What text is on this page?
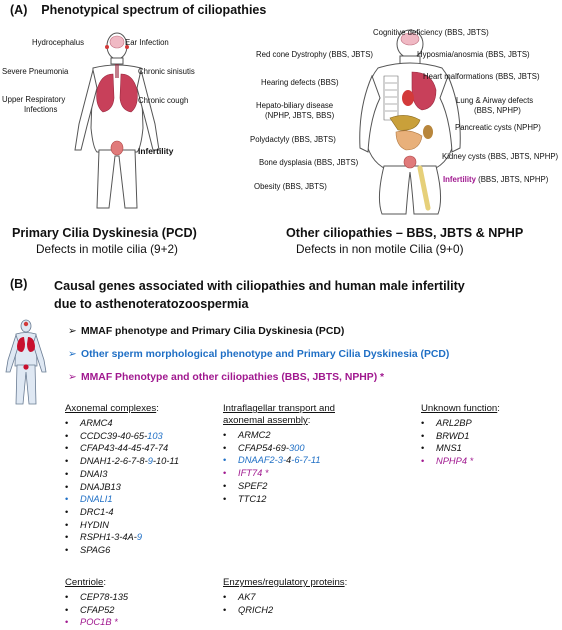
(A) Phenotypical spectrum of ciliopathies
Hydrocephalus	Ear Infection
Severe Pneumonia	Chronic sinisutis
Upper Respiratory
Infections
Chronic cough
Infertility
Primary Cilia Dyskinesia (PCD)
Defects in motile cilia (9+2)
Cognitive deficiency (BBS, JBTS)
Red cone Dystrophy (BBS, JBTS)	Hyposmia/anosmia (BBS, JBTS)
Hearing defects (BBS)
Heart malformations (BBS, JBTS)
Hepato-biliary disease
(NPHP, JBTS, BBS)
Lung & Airway defects
(BBS, NPHP)
Polydactyly (BBS, JBTS)
Pancreatic cysts (NPHP)
Bone dysplasia (BBS, JBTS)
Kidney cysts (BBS, JBTS, NPHP)
Obesity (BBS, JBTS)
Infertility (BBS, JBTS, NPHP)
Other ciliopathies – BBS, JBTS & NPHP
Defects in non motile Cilia (9+0)
(B) Causal genes associated with ciliopathies and human male infertility
due to asthenoteratozoospermia
➢ MMAF phenotype and Primary Cilia Dyskinesia (PCD)
➢ Other sperm morphological phenotype and Primary Cilia Dyskinesia (PCD)
➢ MMAF Phenotype and other ciliopathies (BBS, JBTS, NPHP) *
Axonemal complexes:
• ARMC4
• CCDC39-40-65-103
• CFAP43-44-45-47-74
• DNAH1-2-6-7-8-9-10-11
• DNAI3
• DNAJB13
• DNALI1
• DRC1-4
• HYDIN
• RSPH1-3-4A-9
• SPAG6
Intraflagellar transport and
axonemal assembly:
• ARMC2
• CFAP54-69-300
• DNAAF2-3-4-6-7-11
• IFT74 *
• SPEF2
• TTC12
Unknown function:
• ARL2BP
• BRWD1
• MNS1
• NPHP4 *
Centriole:
• CEP78-135
• CFAP52
• POC1B *
Enzymes/regulatory proteins:
• AK7
• QRICH2
